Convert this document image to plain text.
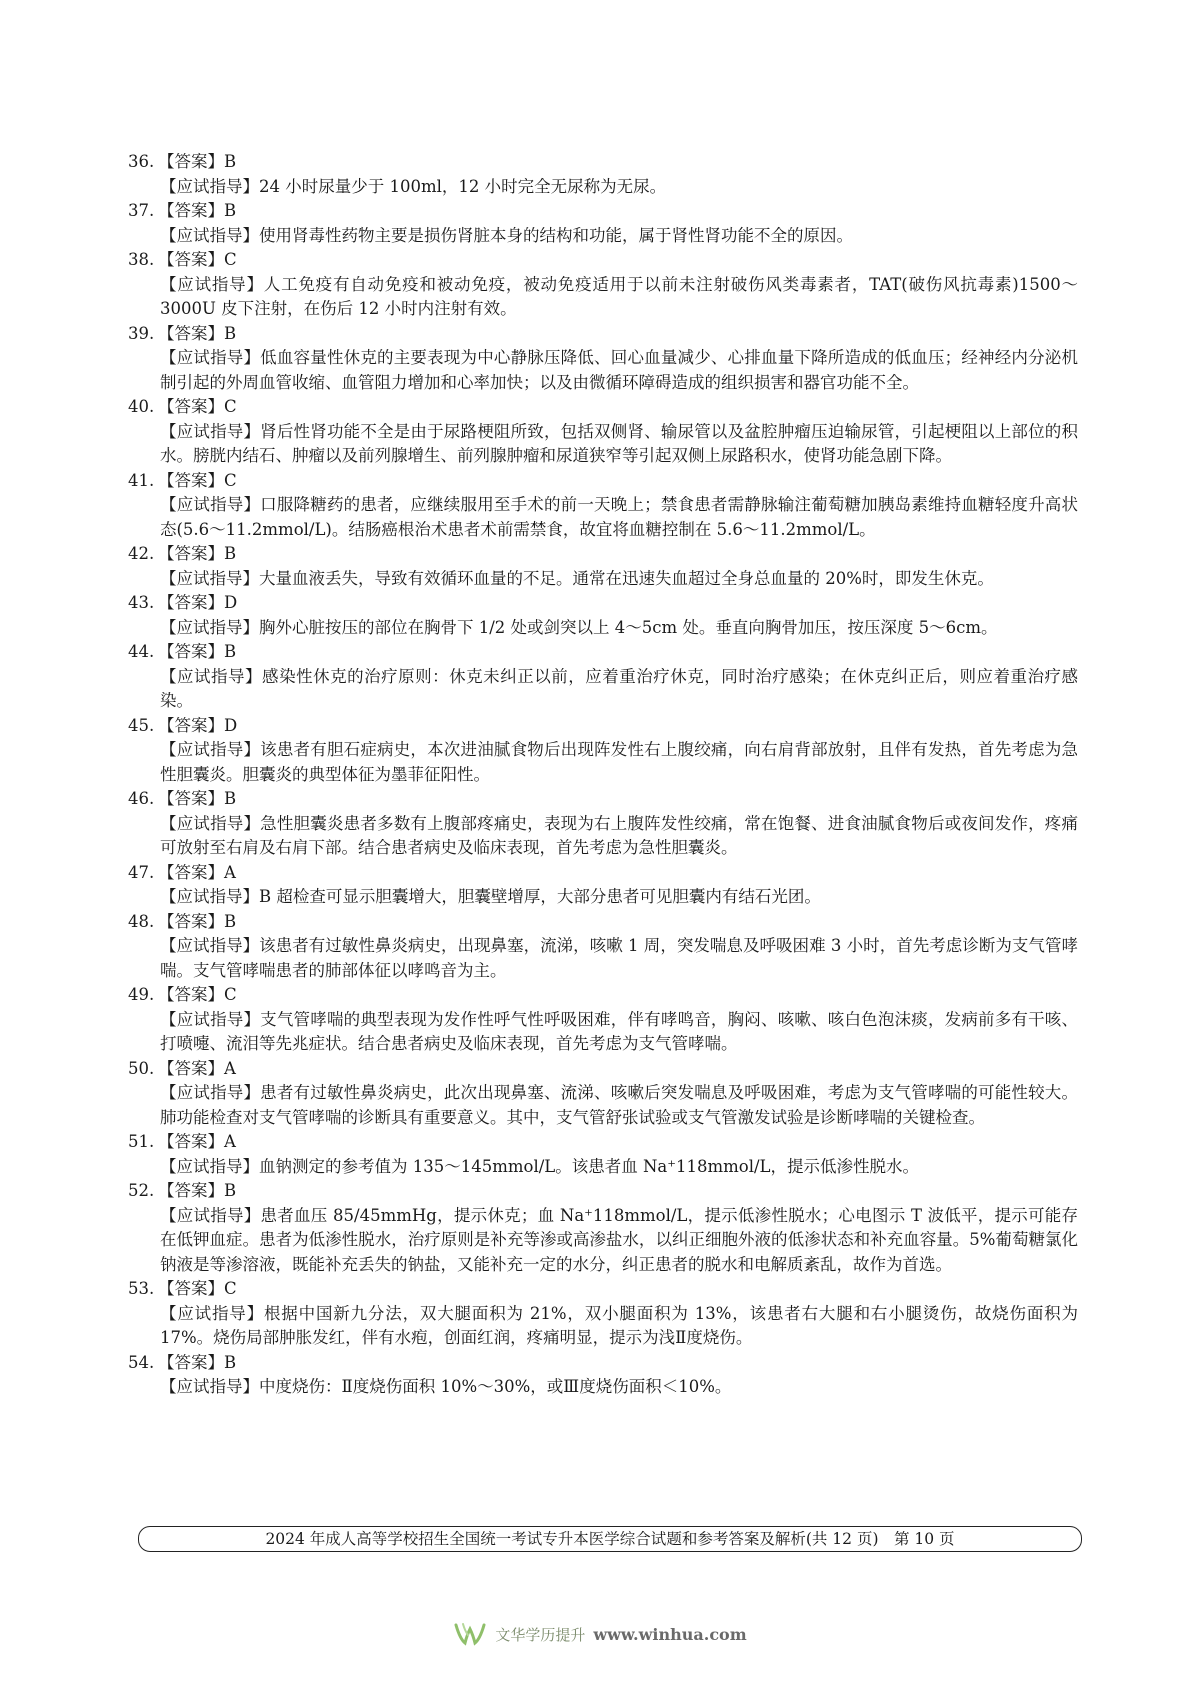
36. 【答案】B
【应试指导】24 小时尿量少于 100ml，12 小时完全无尿称为无尿。
37. 【答案】B
【应试指导】使用肾毒性药物主要是损伤肾脏本身的结构和功能，属于肾性肾功能不全的原因。
38. 【答案】C
【应试指导】人工免疫有自动免疫和被动免疫，被动免疫适用于以前未注射破伤风类毒素者，TAT(破伤风抗毒素)1500～3000U 皮下注射，在伤后 12 小时内注射有效。
39. 【答案】B
【应试指导】低血容量性休克的主要表现为中心静脉压降低、回心血量减少、心排血量下降所造成的低血压；经神经内分泌机制引起的外周血管收缩、血管阻力增加和心率加快；以及由微循环障碍造成的组织损害和器官功能不全。
40. 【答案】C
【应试指导】肾后性肾功能不全是由于尿路梗阻所致，包括双侧肾、输尿管以及盆腔肿瘤压迫输尿管，引起梗阻以上部位的积水。膀胱内结石、肿瘤以及前列腺增生、前列腺肿瘤和尿道狭窄等引起双侧上尿路积水，使肾功能急剧下降。
41. 【答案】C
【应试指导】口服降糖药的患者，应继续服用至手术的前一天晚上；禁食患者需静脉输注葡萄糖加胰岛素维持血糖轻度升高状态(5.6～11.2mmol/L)。结肠癌根治术患者术前需禁食，故宜将血糖控制在 5.6～11.2mmol/L。
42. 【答案】B
【应试指导】大量血液丢失，导致有效循环血量的不足。通常在迅速失血超过全身总血量的 20%时，即发生休克。
43. 【答案】D
【应试指导】胸外心脏按压的部位在胸骨下 1/2 处或剑突以上 4～5cm 处。垂直向胸骨加压，按压深度 5～6cm。
44. 【答案】B
【应试指导】感染性休克的治疗原则：休克未纠正以前，应着重治疗休克，同时治疗感染；在休克纠正后，则应着重治疗感染。
45. 【答案】D
【应试指导】该患者有胆石症病史，本次进油腻食物后出现阵发性右上腹绞痛，向右肩背部放射，且伴有发热，首先考虑为急性胆囊炎。胆囊炎的典型体征为墨菲征阳性。
46. 【答案】B
【应试指导】急性胆囊炎患者多数有上腹部疼痛史，表现为右上腹阵发性绞痛，常在饱餐、进食油腻食物后或夜间发作，疼痛可放射至右肩及右肩下部。结合患者病史及临床表现，首先考虑为急性胆囊炎。
47. 【答案】A
【应试指导】B 超检查可显示胆囊增大，胆囊壁增厚，大部分患者可见胆囊内有结石光团。
48. 【答案】B
【应试指导】该患者有过敏性鼻炎病史，出现鼻塞，流涕，咳嗽 1 周，突发喘息及呼吸困难 3 小时，首先考虑诊断为支气管哮喘。支气管哮喘患者的肺部体征以哮鸣音为主。
49. 【答案】C
【应试指导】支气管哮喘的典型表现为发作性呼气性呼吸困难，伴有哮鸣音，胸闷、咳嗽、咳白色泡沫痰，发病前多有干咳、打喷嚏、流泪等先兆症状。结合患者病史及临床表现，首先考虑为支气管哮喘。
50. 【答案】A
【应试指导】患者有过敏性鼻炎病史，此次出现鼻塞、流涕、咳嗽后突发喘息及呼吸困难，考虑为支气管哮喘的可能性较大。肺功能检查对支气管哮喘的诊断具有重要意义。其中，支气管舒张试验或支气管激发试验是诊断哮喘的关键检查。
51. 【答案】A
【应试指导】血钠测定的参考值为 135～145mmol/L。该患者血 Na⁺118mmol/L，提示低渗性脱水。
52. 【答案】B
【应试指导】患者血压 85/45mmHg，提示休克；血 Na⁺118mmol/L，提示低渗性脱水；心电图示 T 波低平，提示可能存在低钾血症。患者为低渗性脱水，治疗原则是补充等渗或高渗盐水，以纠正细胞外液的低渗状态和补充血容量。5%葡萄糖氯化钠液是等渗溶液，既能补充丢失的钠盐，又能补充一定的水分，纠正患者的脱水和电解质紊乱，故作为首选。
53. 【答案】C
【应试指导】根据中国新九分法，双大腿面积为 21%，双小腿面积为 13%，该患者右大腿和右小腿烫伤，故烧伤面积为 17%。烧伤局部肿胀发红，伴有水疱，创面红润，疼痛明显，提示为浅Ⅱ度烧伤。
54. 【答案】B
【应试指导】中度烧伤：Ⅱ度烧伤面积 10%～30%，或Ⅲ度烧伤面积＜10%。
2024 年成人高等学校招生全国统一考试专升本医学综合试题和参考答案及解析(共 12 页)　第 10 页
文华学历提升 www.winhua.com
